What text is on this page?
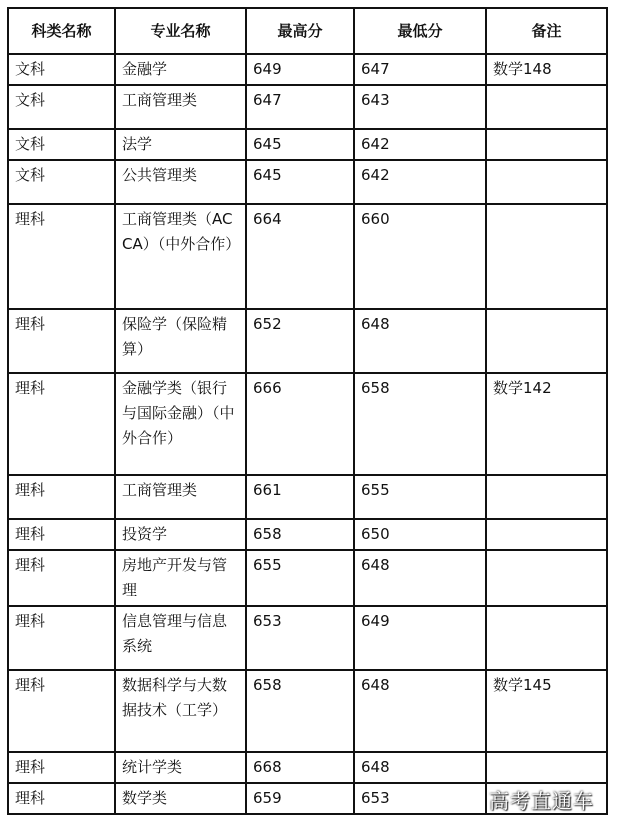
科类名称	专业名称	最高分	最低分	备注
文科	金融学	649	647	数学148
文科	工商管理类	647	643	
文科	法学	645	642	
文科	公共管理类	645	642	
理科	工商管理类（ACCA）（中外合作）	664	660	
理科	保险学（保险精算）	652	648	
理科	金融学类（银行与国际金融）（中外合作）	666	658	数学142
理科	工商管理类	661	655	
理科	投资学	658	650	
理科	房地产开发与管理	655	648	
理科	信息管理与信息系统	653	649	
理科	数据科学与大数据技术（工学）	658	648	数学145
理科	统计学类	668	648	
理科	数学类	659	653		高考直通车
